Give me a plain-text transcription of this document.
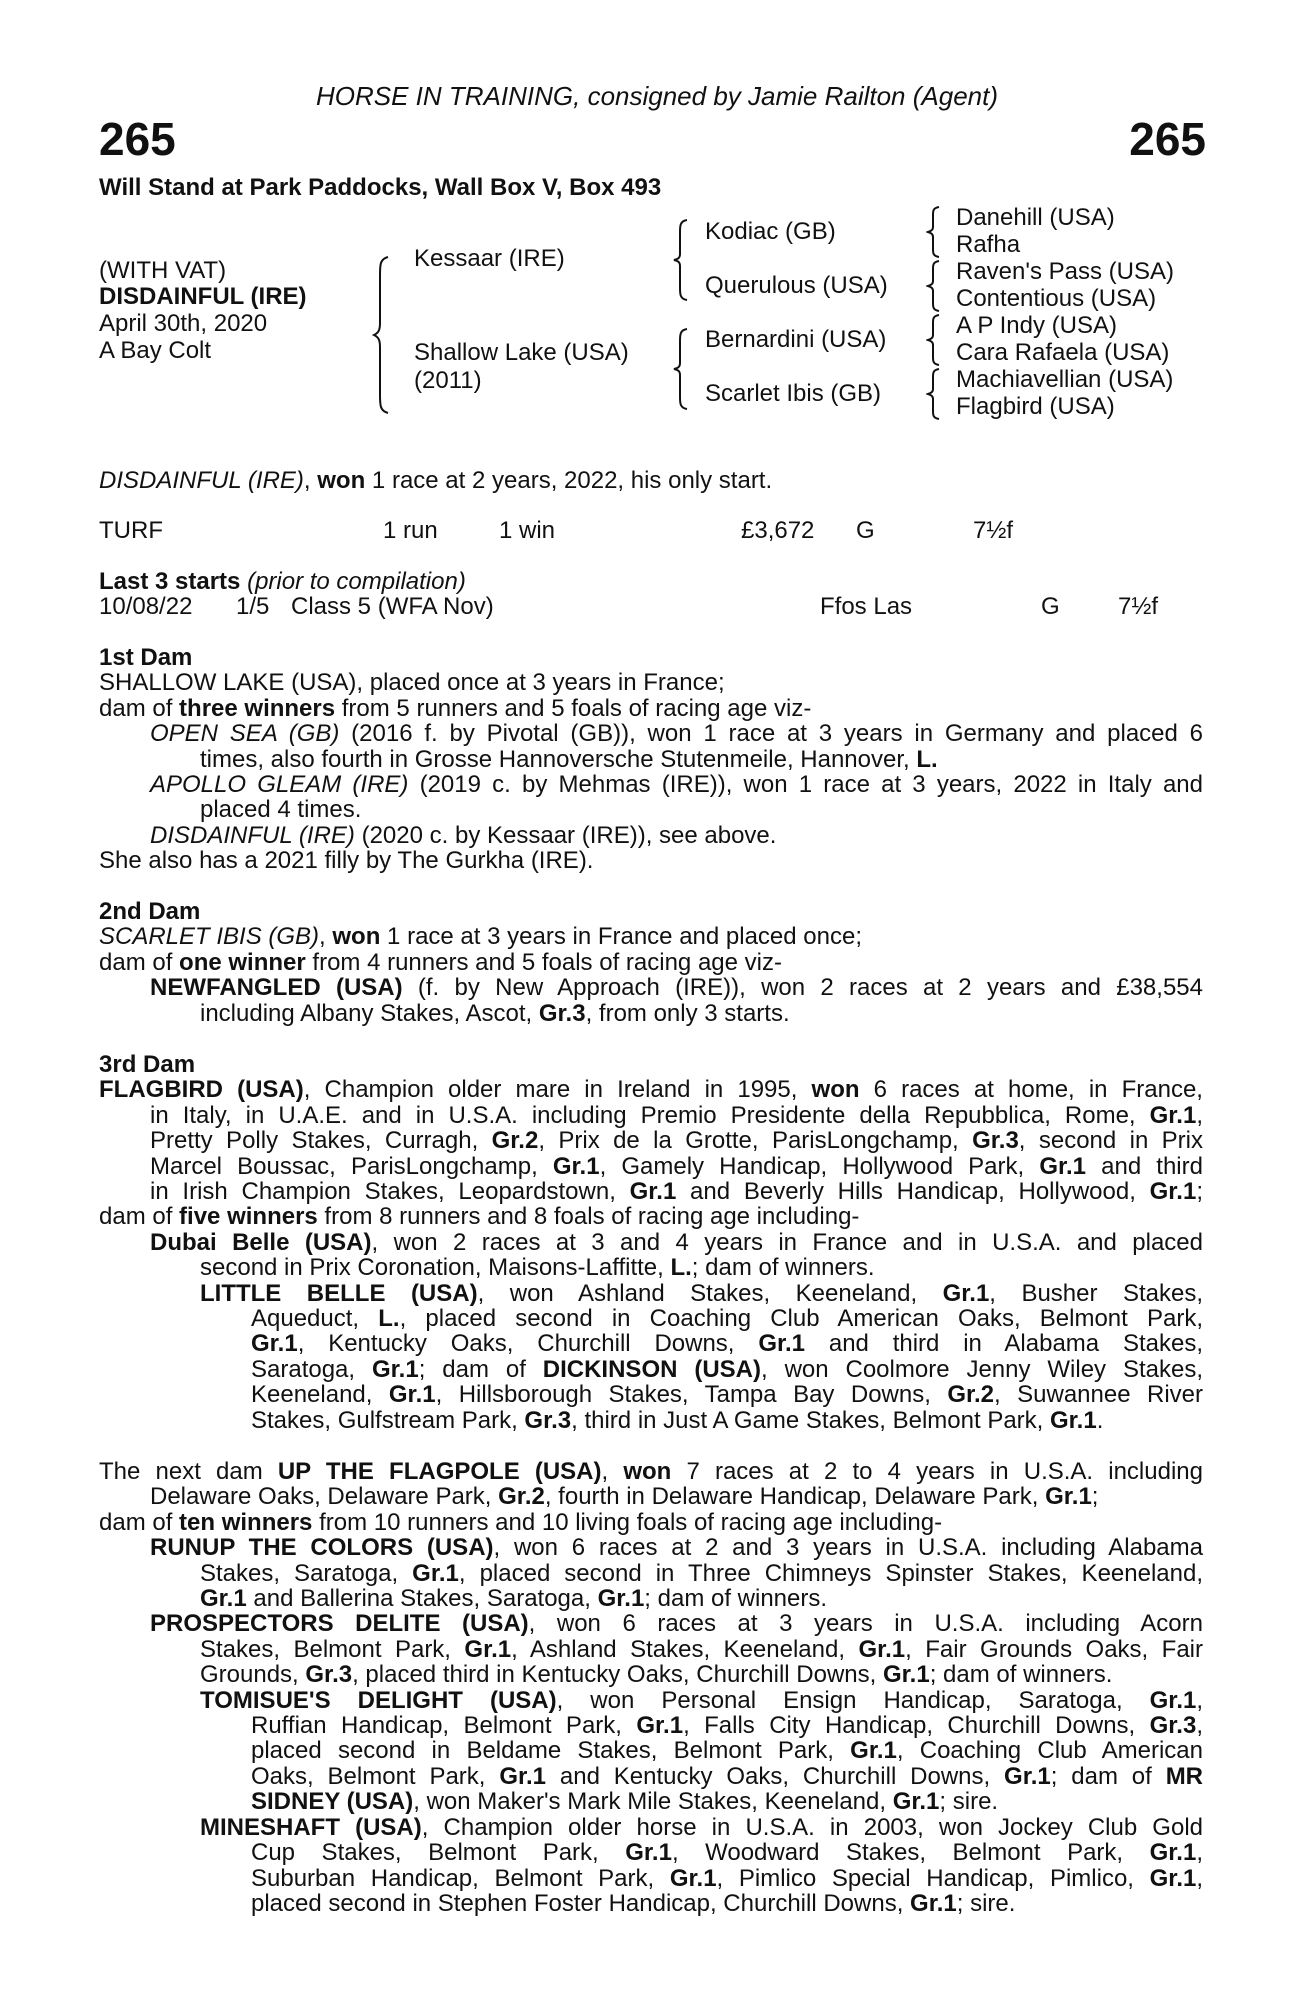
HORSE IN TRAINING, consigned by Jamie Railton (Agent)
265	265
Will Stand at Park Paddocks, Wall Box V, Box 493
(WITH VAT)
DISDAINFUL (IRE)
April 30th, 2020
A Bay Colt
Kessaar (IRE)
Shallow Lake (USA)
(2011)
Kodiac (GB)
Querulous (USA)
Bernardini (USA)
Scarlet Ibis (GB)
Danehill (USA)
Rafha
Raven's Pass (USA)
Contentious (USA)
A P Indy (USA)
Cara Rafaela (USA)
Machiavellian (USA)
Flagbird (USA)
DISDAINFUL (IRE), won 1 race at 2 years, 2022, his only start.
TURF	1 run	1 win	£3,672 G	7½f
Last 3 starts (prior to compilation)
10/08/22 1/5 Class 5 (WFA Nov)	Ffos Las	G 7½f
1st Dam
SHALLOW LAKE (USA), placed once at 3 years in France;
dam of three winners from 5 runners and 5 foals of racing age viz-
OPEN SEA (GB) (2016 f. by Pivotal (GB)), won 1 race at 3 years in Germany and placed 6
times, also fourth in Grosse Hannoversche Stutenmeile, Hannover, L.
APOLLO GLEAM (IRE) (2019 c. by Mehmas (IRE)), won 1 race at 3 years, 2022 in Italy and
placed 4 times.
DISDAINFUL (IRE) (2020 c. by Kessaar (IRE)), see above.
She also has a 2021 filly by The Gurkha (IRE).
2nd Dam
SCARLET IBIS (GB), won 1 race at 3 years in France and placed once;
dam of one winner from 4 runners and 5 foals of racing age viz-
NEWFANGLED (USA) (f. by New Approach (IRE)), won 2 races at 2 years and £38,554
including Albany Stakes, Ascot, Gr.3, from only 3 starts.
3rd Dam
FLAGBIRD (USA), Champion older mare in Ireland in 1995, won 6 races at home, in France,
in Italy, in U.A.E. and in U.S.A. including Premio Presidente della Repubblica, Rome, Gr.1,
Pretty Polly Stakes, Curragh, Gr.2, Prix de la Grotte, ParisLongchamp, Gr.3, second in Prix
Marcel Boussac, ParisLongchamp, Gr.1, Gamely Handicap, Hollywood Park, Gr.1 and third
in Irish Champion Stakes, Leopardstown, Gr.1 and Beverly Hills Handicap, Hollywood, Gr.1;
dam of five winners from 8 runners and 8 foals of racing age including-
Dubai Belle (USA), won 2 races at 3 and 4 years in France and in U.S.A. and placed
second in Prix Coronation, Maisons-Laffitte, L.; dam of winners.
LITTLE BELLE (USA), won Ashland Stakes, Keeneland, Gr.1, Busher Stakes,
Aqueduct, L., placed second in Coaching Club American Oaks, Belmont Park,
Gr.1, Kentucky Oaks, Churchill Downs, Gr.1 and third in Alabama Stakes,
Saratoga, Gr.1; dam of DICKINSON (USA), won Coolmore Jenny Wiley Stakes,
Keeneland, Gr.1, Hillsborough Stakes, Tampa Bay Downs, Gr.2, Suwannee River
Stakes, Gulfstream Park, Gr.3, third in Just A Game Stakes, Belmont Park, Gr.1.
The next dam UP THE FLAGPOLE (USA), won 7 races at 2 to 4 years in U.S.A. including
Delaware Oaks, Delaware Park, Gr.2, fourth in Delaware Handicap, Delaware Park, Gr.1;
dam of ten winners from 10 runners and 10 living foals of racing age including-
RUNUP THE COLORS (USA), won 6 races at 2 and 3 years in U.S.A. including Alabama
Stakes, Saratoga, Gr.1, placed second in Three Chimneys Spinster Stakes, Keeneland,
Gr.1 and Ballerina Stakes, Saratoga, Gr.1; dam of winners.
PROSPECTORS DELITE (USA), won 6 races at 3 years in U.S.A. including Acorn
Stakes, Belmont Park, Gr.1, Ashland Stakes, Keeneland, Gr.1, Fair Grounds Oaks, Fair
Grounds, Gr.3, placed third in Kentucky Oaks, Churchill Downs, Gr.1; dam of winners.
TOMISUE'S DELIGHT (USA), won Personal Ensign Handicap, Saratoga, Gr.1,
Ruffian Handicap, Belmont Park, Gr.1, Falls City Handicap, Churchill Downs, Gr.3,
placed second in Beldame Stakes, Belmont Park, Gr.1, Coaching Club American
Oaks, Belmont Park, Gr.1 and Kentucky Oaks, Churchill Downs, Gr.1; dam of MR
SIDNEY (USA), won Maker's Mark Mile Stakes, Keeneland, Gr.1; sire.
MINESHAFT (USA), Champion older horse in U.S.A. in 2003, won Jockey Club Gold
Cup Stakes, Belmont Park, Gr.1, Woodward Stakes, Belmont Park, Gr.1,
Suburban Handicap, Belmont Park, Gr.1, Pimlico Special Handicap, Pimlico, Gr.1,
placed second in Stephen Foster Handicap, Churchill Downs, Gr.1; sire.
